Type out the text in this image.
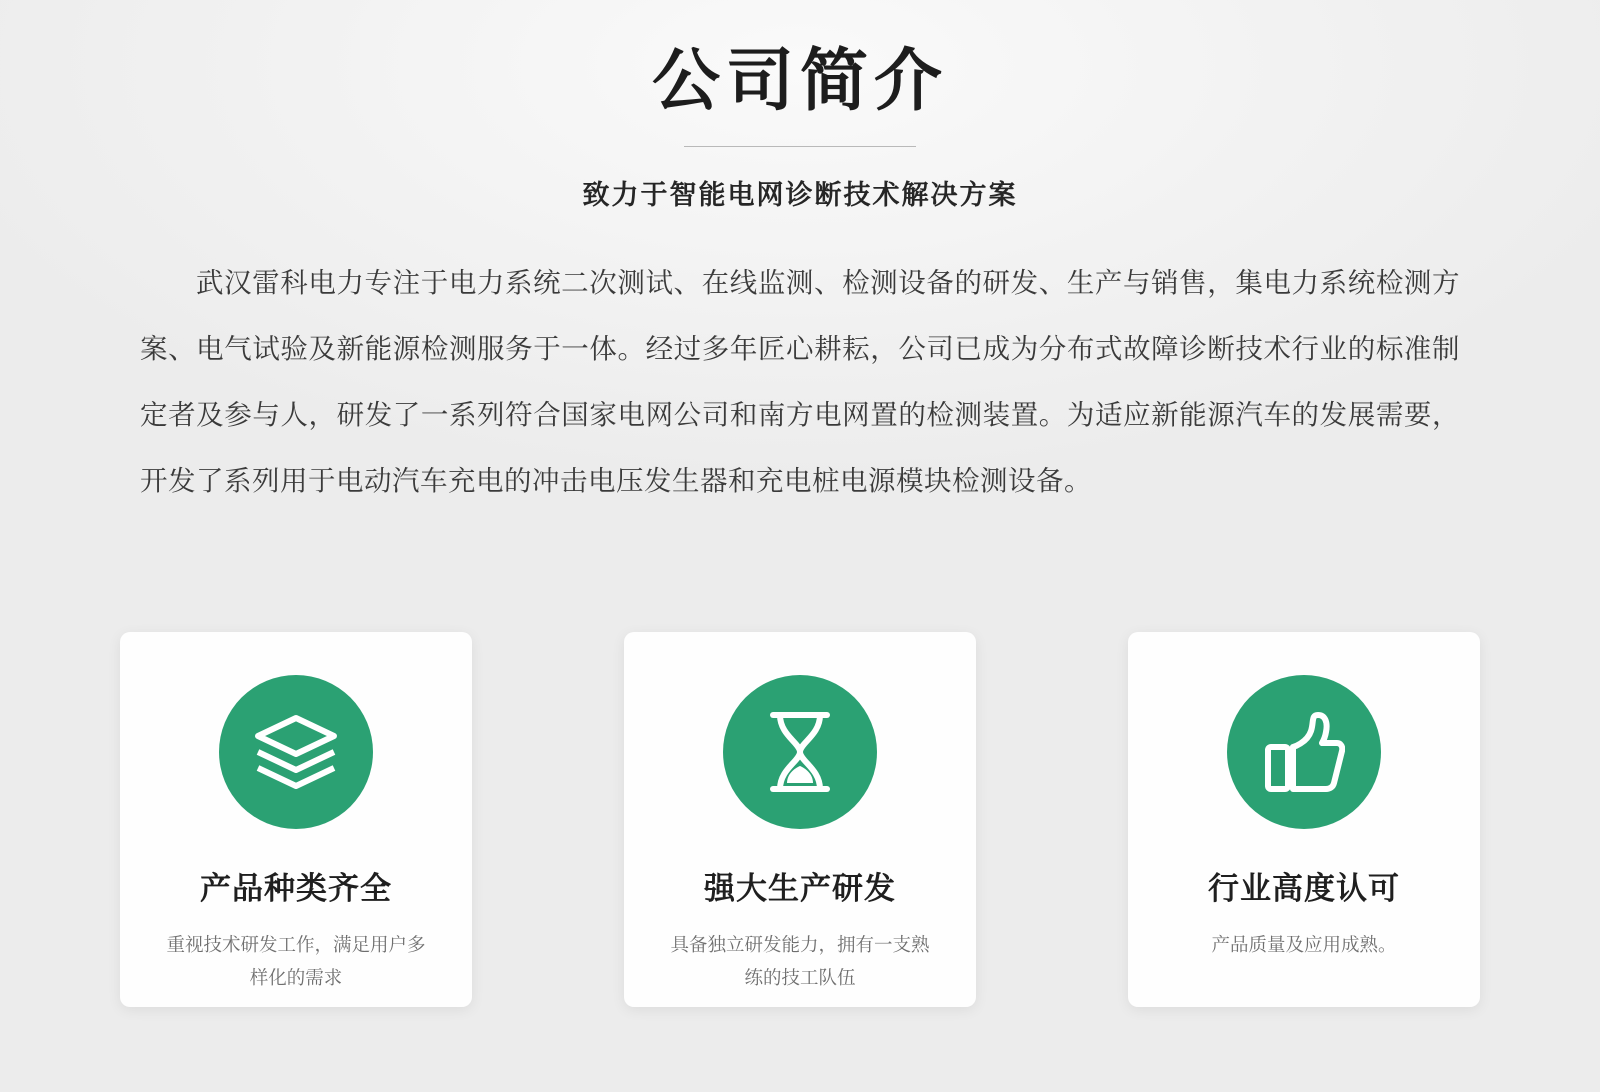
公司简介

致力于智能电网诊断技术解决方案

武汉雷科电力专注于电力系统二次测试、在线监测、检测设备的研发、生产与销售，集电力系统检测方案、电气试验及新能源检测服务于一体。经过多年匠心耕耘，公司已成为分布式故障诊断技术行业的标准制定者及参与人，研发了一系列符合国家电网公司和南方电网置的检测装置。为适应新能源汽车的发展需要，开发了系列用于电动汽车充电的冲击电压发生器和充电桩电源模块检测设备。

产品种类齐全
重视技术研发工作，满足用户多样化的需求
强大生产研发
具备独立研发能力，拥有一支熟练的技工队伍
行业高度认可
产品质量及应用成熟。
